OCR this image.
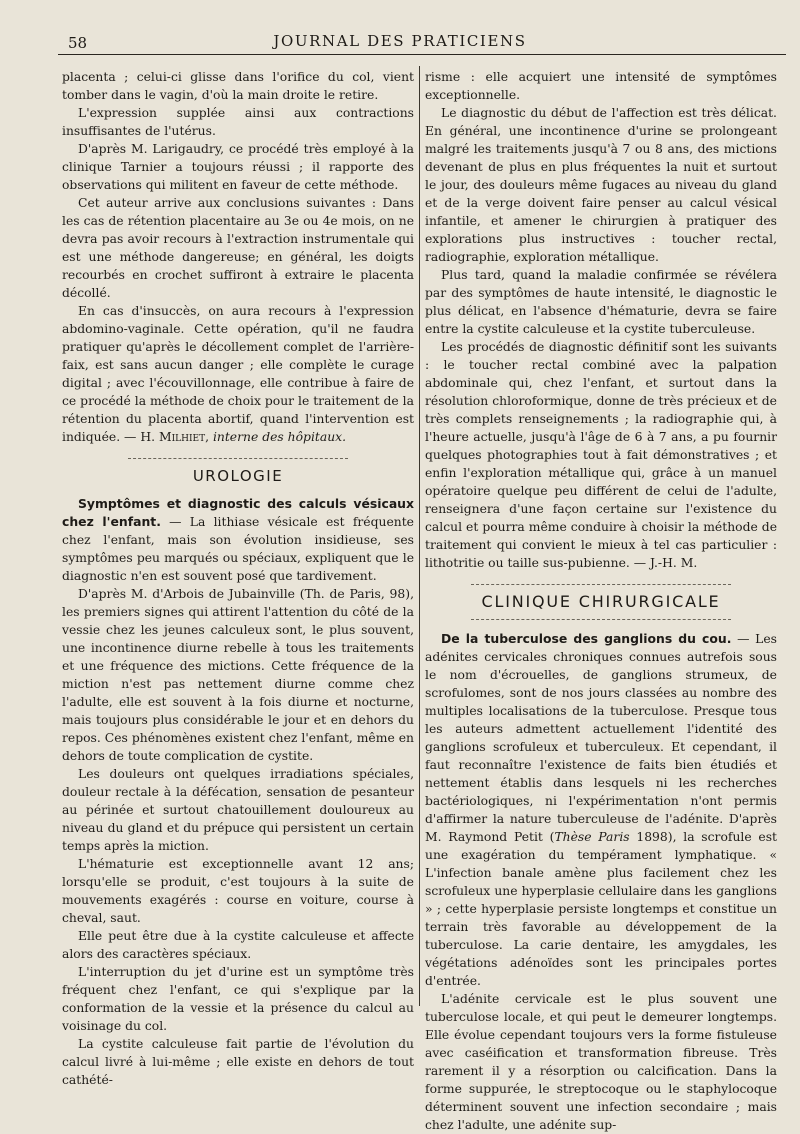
58	JOURNAL DES PRATICIENS

placenta ; celui-ci glisse dans l'orifice du col, vient tomber dans le vagin, d'où la main droite le retire.

L'expression supplée ainsi aux contractions insuffisantes de l'utérus.

D'après M. Larigaudry, ce procédé très employé à la clinique Tarnier a toujours réussi ; il rapporte des observations qui militent en faveur de cette méthode.

Cet auteur arrive aux conclusions suivantes : Dans les cas de rétention placentaire au 3e ou 4e mois, on ne devra pas avoir recours à l'extraction instrumentale qui est une méthode dangereuse; en général, les doigts recourbés en crochet suffiront à extraire le placenta décollé.

En cas d'insuccès, on aura recours à l'expression abdomino-vaginale. Cette opération, qu'il ne faudra pratiquer qu'après le décollement complet de l'arrière-faix, est sans aucun danger ; elle complète le curage digital ; avec l'écouvillonnage, elle contribue à faire de ce procédé la méthode de choix pour le traitement de la rétention du placenta abortif, quand l'intervention est indiquée. — H. Milhiet, interne des hôpitaux.

UROLOGIE

Symptômes et diagnostic des calculs vésicaux chez l'enfant. — La lithiase vésicale est fréquente chez l'enfant, mais son évolution insidieuse, ses symptômes peu marqués ou spéciaux, expliquent que le diagnostic n'en est souvent posé que tardivement.

D'après M. d'Arbois de Jubainville (Th. de Paris, 98), les premiers signes qui attirent l'attention du côté de la vessie chez les jeunes calculeux sont, le plus souvent, une incontinence diurne rebelle à tous les traitements et une fréquence des mictions. Cette fréquence de la miction n'est pas nettement diurne comme chez l'adulte, elle est souvent à la fois diurne et nocturne, mais toujours plus considérable le jour et en dehors du repos. Ces phénomènes existent chez l'enfant, même en dehors de toute complication de cystite.

Les douleurs ont quelques irradiations spéciales, douleur rectale à la défécation, sensation de pesanteur au périnée et surtout chatouillement douloureux au niveau du gland et du prépuce qui persistent un certain temps après la miction.

L'hématurie est exceptionnelle avant 12 ans; lorsqu'elle se produit, c'est toujours à la suite de mouvements exagérés : course en voiture, course à cheval, saut.

Elle peut être due à la cystite calculeuse et affecte alors des caractères spéciaux.

L'interruption du jet d'urine est un symptôme très fréquent chez l'enfant, ce qui s'explique par la conformation de la vessie et la présence du calcul au voisinage du col.

La cystite calculeuse fait partie de l'évolution du calcul livré à lui-même ; elle existe en dehors de tout cathété-

risme : elle acquiert une intensité de symptômes exceptionnelle.

Le diagnostic du début de l'affection est très délicat. En général, une incontinence d'urine se prolongeant malgré les traitements jusqu'à 7 ou 8 ans, des mictions devenant de plus en plus fréquentes la nuit et surtout le jour, des douleurs même fugaces au niveau du gland et de la verge doivent faire penser au calcul vésical infantile, et amener le chirurgien à pratiquer des explorations plus instructives : toucher rectal, radiographie, exploration métallique.

Plus tard, quand la maladie confirmée se révélera par des symptômes de haute intensité, le diagnostic le plus délicat, en l'absence d'hématurie, devra se faire entre la cystite calculeuse et la cystite tuberculeuse.

Les procédés de diagnostic définitif sont les suivants : le toucher rectal combiné avec la palpation abdominale qui, chez l'enfant, et surtout dans la résolution chloroformique, donne de très précieux et de très complets renseignements ; la radiographie qui, à l'heure actuelle, jusqu'à l'âge de 6 à 7 ans, a pu fournir quelques photographies tout à fait démonstratives ; et enfin l'exploration métallique qui, grâce à un manuel opératoire quelque peu différent de celui de l'adulte, renseignera d'une façon certaine sur l'existence du calcul et pourra même conduire à choisir la méthode de traitement qui convient le mieux à tel cas particulier : lithotritie ou taille sus-pubienne. — J.-H. M.

CLINIQUE CHIRURGICALE

De la tuberculose des ganglions du cou. — Les adénites cervicales chroniques connues autrefois sous le nom d'écrouelles, de ganglions strumeux, de scrofulomes, sont de nos jours classées au nombre des multiples localisations de la tuberculose. Presque tous les auteurs admettent actuellement l'identité des ganglions scrofuleux et tuberculeux. Et cependant, il faut reconnaître l'existence de faits bien étudiés et nettement établis dans lesquels ni les recherches bactériologiques, ni l'expérimentation n'ont permis d'affirmer la nature tuberculeuse de l'adénite. D'après M. Raymond Petit (Thèse Paris 1898), la scrofule est une exagération du tempérament lymphatique. « L'infection banale amène plus facilement chez les scrofuleux une hyperplasie cellulaire dans les ganglions » ; cette hyperplasie persiste longtemps et constitue un terrain très favorable au développement de la tuberculose. La carie dentaire, les amygdales, les végétations adénoïdes sont les principales portes d'entrée.

L'adénite cervicale est le plus souvent une tuberculose locale, et qui peut le demeurer longtemps. Elle évolue cependant toujours vers la forme fistuleuse avec caséification et transformation fibreuse. Très rarement il y a résorption ou calcification. Dans la forme suppurée, le streptocoque ou le staphylocoque déterminent souvent une infection secondaire ; mais chez l'adulte, une adénite sup-
